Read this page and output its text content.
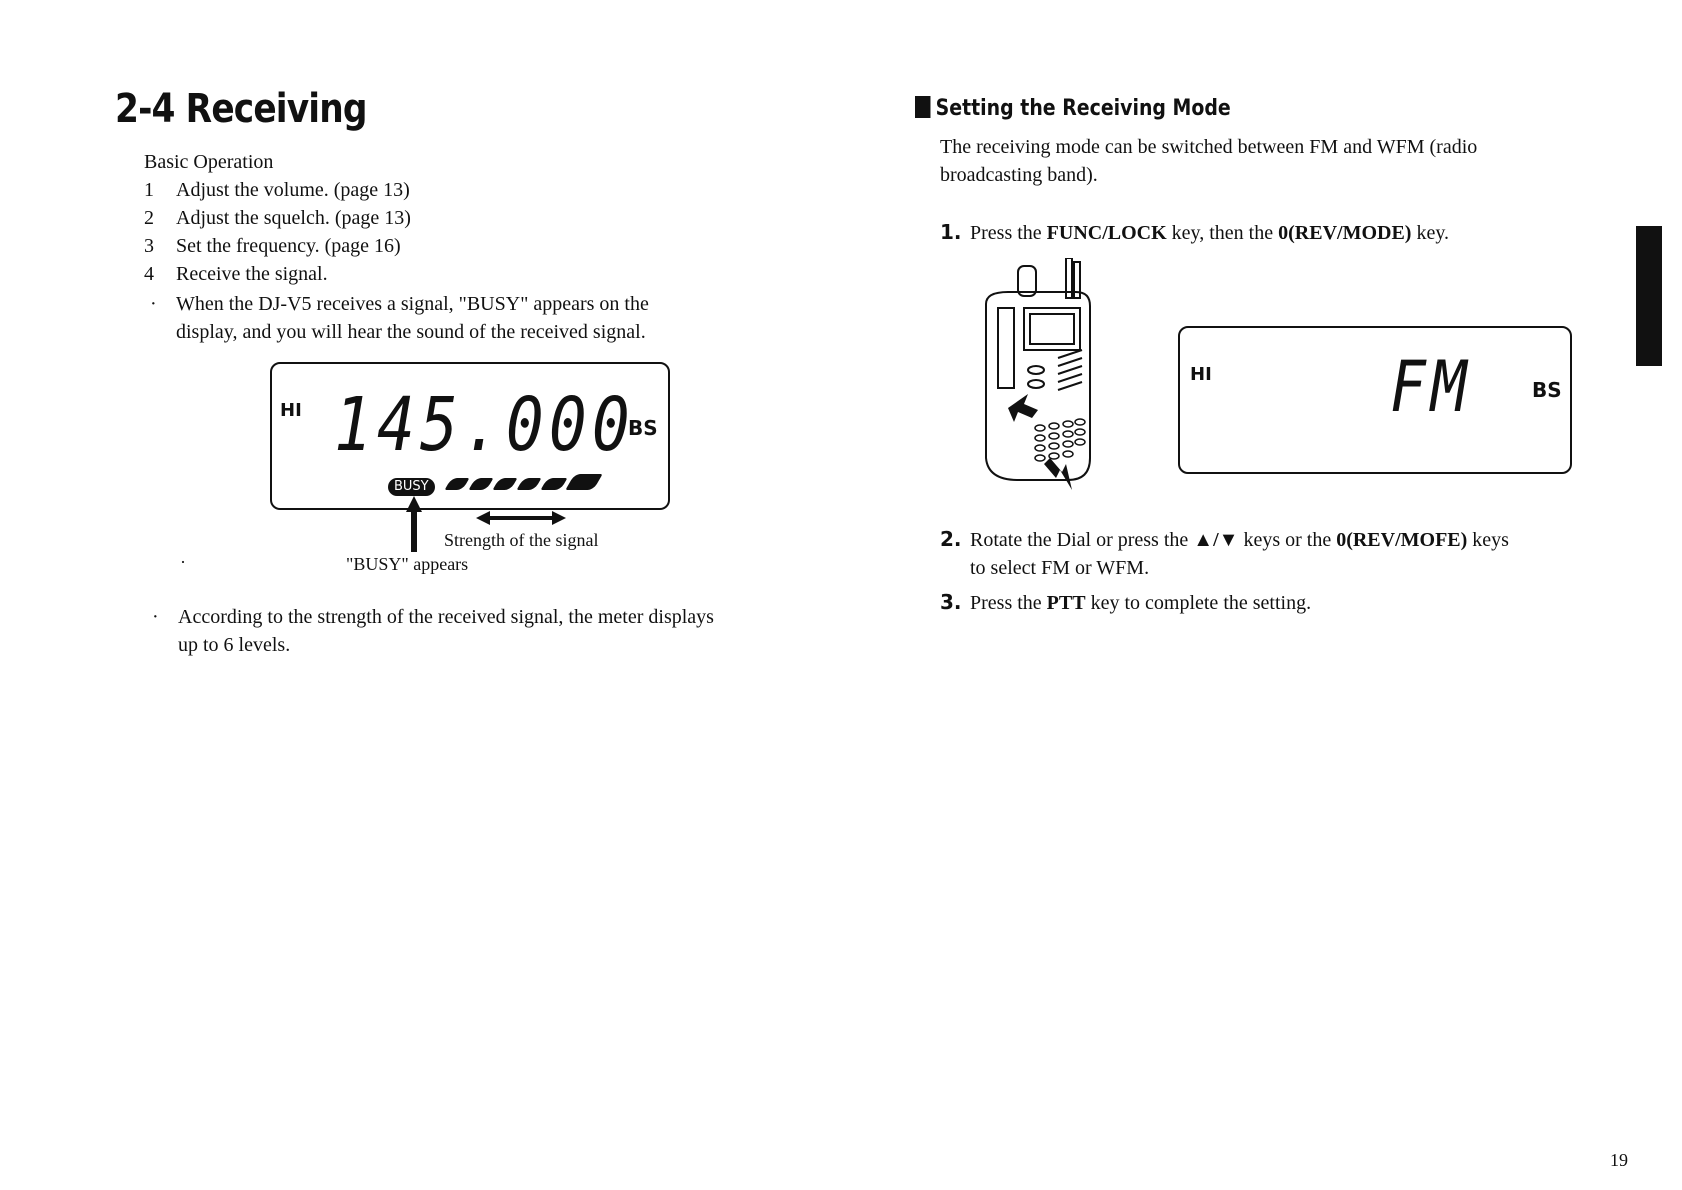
2-4 Receiving
Basic Operation
1 Adjust the volume. (page 13)
2 Adjust the squelch. (page 13)
3 Set the frequency. (page 16)
4 Receive the signal.
· When the DJ-V5 receives a signal, "BUSY" appears on the
display, and you will hear the sound of the received signal.
HI 145.000
BS
BUSY
Strength of the signal
"BUSY" appears
·
· According to the strength of the received signal, the meter displays
up to 6 levels.
Setting the Receiving Mode
The receiving mode can be switched between FM and WFM (radio
broadcasting band).
1. Press the FUNC/LOCK key, then the 0(REV/MODE) key.
HI	FM	BS
2. Rotate the Dial or press the ▲/▼ keys or the 0(REV/MOFE) keys
to select FM or WFM.
3. Press the PTT key to complete the setting.
19
